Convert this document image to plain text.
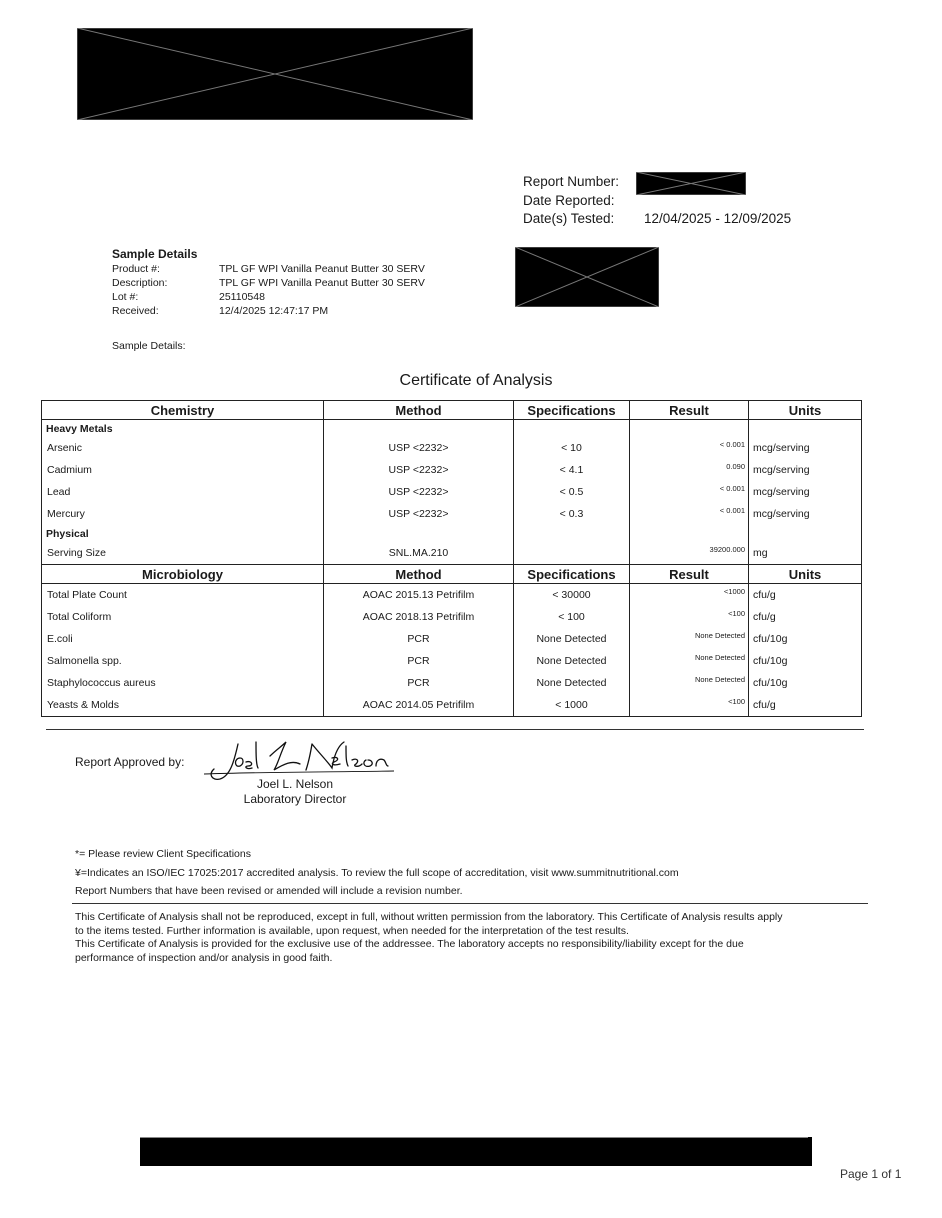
Report Number:
Date Reported:
Date(s) Tested: 12/04/2025 - 12/09/2025
Sample Details
Product #:	TPL GF WPI Vanilla Peanut Butter 30 SERV
Description:	TPL GF WPI Vanilla Peanut Butter 30 SERV
Lot #:	25110548
Received:	12/4/2025 12:47:17 PM
Sample Details:
Certificate of Analysis
Chemistry	Method	Specifications	Result	Units
Heavy Metals				
Arsenic	USP <2232>	< 10	< 0.001	mcg/serving
Cadmium	USP <2232>	< 4.1	0.090	mcg/serving
Lead	USP <2232>	< 0.5	< 0.001	mcg/serving
Mercury	USP <2232>	< 0.3	< 0.001	mcg/serving
Physical				
Serving Size	SNL.MA.210		39200.000	mg
Microbiology	Method	Specifications	Result	Units
Total Plate Count	AOAC 2015.13 Petrifilm	< 30000	<1000	cfu/g
Total Coliform	AOAC 2018.13 Petrifilm	< 100	<100	cfu/g
E.coli	PCR	None Detected	None Detected	cfu/10g
Salmonella spp.	PCR	None Detected	None Detected	cfu/10g
Staphylococcus aureus	PCR	None Detected	None Detected	cfu/10g
Yeasts & Molds	AOAC 2014.05 Petrifilm	< 1000	<100	cfu/g
Report Approved by:
Joel L. Nelson
Laboratory Director
*= Please review Client Specifications
¥=Indicates an ISO/IEC 17025:2017 accredited analysis. To review the full scope of accreditation, visit www.summitnutritional.com
Report Numbers that have been revised or amended will include a revision number.
This Certificate of Analysis shall not be reproduced, except in full, without written permission from the laboratory. This Certificate of Analysis results apply
to the items tested. Further information is available, upon request, when needed for the interpretation of the test results.
This Certificate of Analysis is provided for the exclusive use of the addressee. The laboratory accepts no responsibility/liability except for the due
performance of inspection and/or analysis in good faith.
Page 1 of 1
